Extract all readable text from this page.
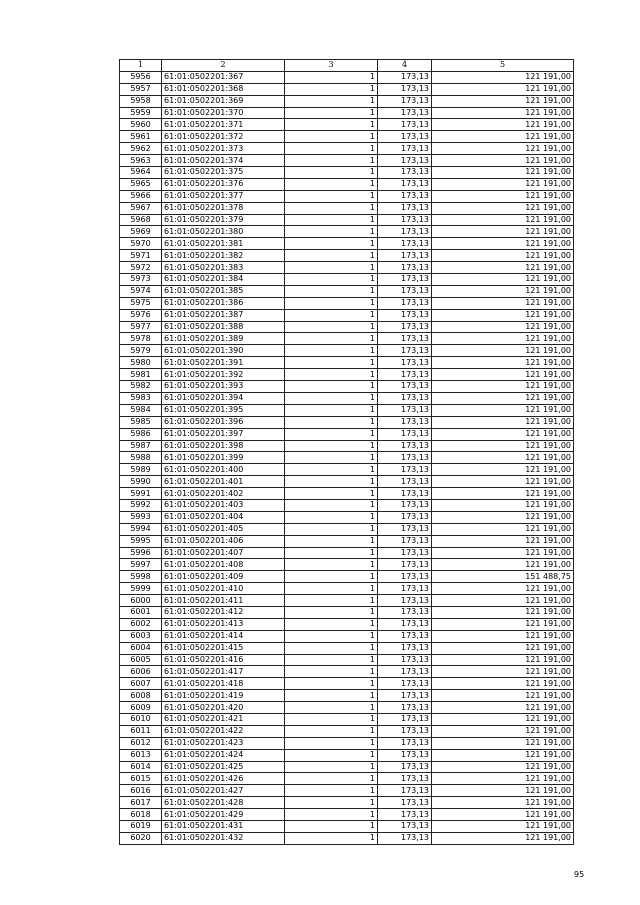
1	2	3	4	5
5956	61:01:0502201:367	1	173,13	121 191,00
5957	61:01:0502201:368	1	173,13	121 191,00
5958	61:01:0502201:369	1	173,13	121 191,00
5959	61:01:0502201:370	1	173,13	121 191,00
5960	61:01:0502201:371	1	173,13	121 191,00
5961	61:01:0502201:372	1	173,13	121 191,00
5962	61:01:0502201:373	1	173,13	121 191,00
5963	61:01:0502201:374	1	173,13	121 191,00
5964	61:01:0502201:375	1	173,13	121 191,00
5965	61:01:0502201:376	1	173,13	121 191,00
5966	61:01:0502201:377	1	173,13	121 191,00
5967	61:01:0502201:378	1	173,13	121 191,00
5968	61:01:0502201:379	1	173,13	121 191,00
5969	61:01:0502201:380	1	173,13	121 191,00
5970	61:01:0502201:381	1	173,13	121 191,00
5971	61:01:0502201:382	1	173,13	121 191,00
5972	61:01:0502201:383	1	173,13	121 191,00
5973	61:01:0502201:384	1	173,13	121 191,00
5974	61:01:0502201:385	1	173,13	121 191,00
5975	61:01:0502201:386	1	173,13	121 191,00
5976	61:01:0502201:387	1	173,13	121 191,00
5977	61:01:0502201:388	1	173,13	121 191,00
5978	61:01:0502201:389	1	173,13	121 191,00
5979	61:01:0502201:390	1	173,13	121 191,00
5980	61:01:0502201:391	1	173,13	121 191,00
5981	61:01:0502201:392	1	173,13	121 191,00
5982	61:01:0502201:393	1	173,13	121 191,00
5983	61:01:0502201:394	1	173,13	121 191,00
5984	61:01:0502201:395	1	173,13	121 191,00
5985	61:01:0502201:396	1	173,13	121 191,00
5986	61:01:0502201:397	1	173,13	121 191,00
5987	61:01:0502201:398	1	173,13	121 191,00
5988	61:01:0502201:399	1	173,13	121 191,00
5989	61:01:0502201:400	1	173,13	121 191,00
5990	61:01:0502201:401	1	173,13	121 191,00
5991	61:01:0502201:402	1	173,13	121 191,00
5992	61:01:0502201:403	1	173,13	121 191,00
5993	61:01:0502201:404	1	173,13	121 191,00
5994	61:01:0502201:405	1	173,13	121 191,00
5995	61:01:0502201:406	1	173,13	121 191,00
5996	61:01:0502201:407	1	173,13	121 191,00
5997	61:01:0502201:408	1	173,13	121 191,00
5998	61:01:0502201:409	1	173,13	151 488,75
5999	61:01:0502201:410	1	173,13	121 191,00
6000	61:01:0502201:411	1	173,13	121 191,00
6001	61:01:0502201:412	1	173,13	121 191,00
6002	61:01:0502201:413	1	173,13	121 191,00
6003	61:01:0502201:414	1	173,13	121 191,00
6004	61:01:0502201:415	1	173,13	121 191,00
6005	61:01:0502201:416	1	173,13	121 191,00
6006	61:01:0502201:417	1	173,13	121 191,00
6007	61:01:0502201:418	1	173,13	121 191,00
6008	61:01:0502201:419	1	173,13	121 191,00
6009	61:01:0502201:420	1	173,13	121 191,00
6010	61:01:0502201:421	1	173,13	121 191,00
6011	61:01:0502201:422	1	173,13	121 191,00
6012	61:01:0502201:423	1	173,13	121 191,00
6013	61:01:0502201:424	1	173,13	121 191,00
6014	61:01:0502201:425	1	173,13	121 191,00
6015	61:01:0502201:426	1	173,13	121 191,00
6016	61:01:0502201:427	1	173,13	121 191,00
6017	61:01:0502201:428	1	173,13	121 191,00
6018	61:01:0502201:429	1	173,13	121 191,00
6019	61:01:0502201:431	1	173,13	121 191,00
6020	61:01:0502201:432	1	173,13	121 191,00
95
